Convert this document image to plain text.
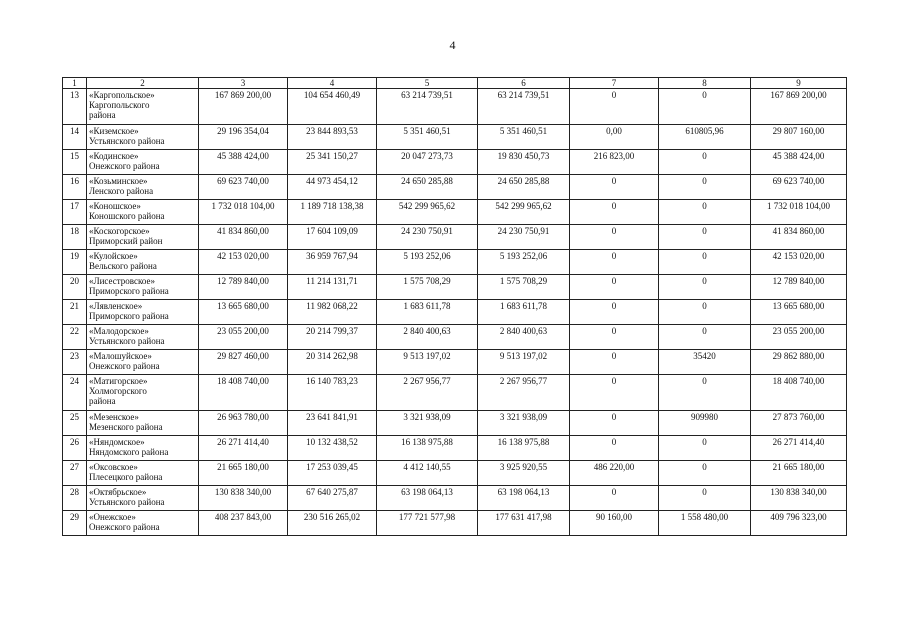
4
1	2	3	4	5	6	7	8	9
13	«Каргопольское»
Каргопольского
района	167 869 200,00	104 654 460,49	63 214 739,51	63 214 739,51	0	0	167 869 200,00
14	«Киземское»
Устьянского района	29 196 354,04	23 844 893,53	5 351 460,51	5 351 460,51	0,00	610805,96	29 807 160,00
15	«Кодинское»
Онежского района	45 388 424,00	25 341 150,27	20 047 273,73	19 830 450,73	216 823,00	0	45 388 424,00
16	«Козьминское»
Ленского района	69 623 740,00	44 973 454,12	24 650 285,88	24 650 285,88	0	0	69 623 740,00
17	«Коношское»
Коношского района	1 732 018 104,00	1 189 718 138,38	542 299 965,62	542 299 965,62	0	0	1 732 018 104,00
18	«Коскогорское»
Приморский район	41 834 860,00	17 604 109,09	24 230 750,91	24 230 750,91	0	0	41 834 860,00
19	«Кулойское»
Вельского района	42 153 020,00	36 959 767,94	5 193 252,06	5 193 252,06	0	0	42 153 020,00
20	«Лисестровское»
Приморского района	12 789 840,00	11 214 131,71	1 575 708,29	1 575 708,29	0	0	12 789 840,00
21	«Лявленское»
Приморского района	13 665 680,00	11 982 068,22	1 683 611,78	1 683 611,78	0	0	13 665 680,00
22	«Малодорское»
Устьянского района	23 055 200,00	20 214 799,37	2 840 400,63	2 840 400,63	0	0	23 055 200,00
23	«Малошуйское»
Онежского района	29 827 460,00	20 314 262,98	9 513 197,02	9 513 197,02	0	35420	29 862 880,00
24	«Матигорское»
Холмогорского
района	18 408 740,00	16 140 783,23	2 267 956,77	2 267 956,77	0	0	18 408 740,00
25	«Мезенское»
Мезенского района	26 963 780,00	23 641 841,91	3 321 938,09	3 321 938,09	0	909980	27 873 760,00
26	«Няндомское»
Няндомского района	26 271 414,40	10 132 438,52	16 138 975,88	16 138 975,88	0	0	26 271 414,40
27	«Оксовское»
Плесецкого района	21 665 180,00	17 253 039,45	4 412 140,55	3 925 920,55	486 220,00	0	21 665 180,00
28	«Октябрьское»
Устьянского района	130 838 340,00	67 640 275,87	63 198 064,13	63 198 064,13	0	0	130 838 340,00
29	«Онежское»
Онежского района	408 237 843,00	230 516 265,02	177 721 577,98	177 631 417,98	90 160,00	1 558 480,00	409 796 323,00
